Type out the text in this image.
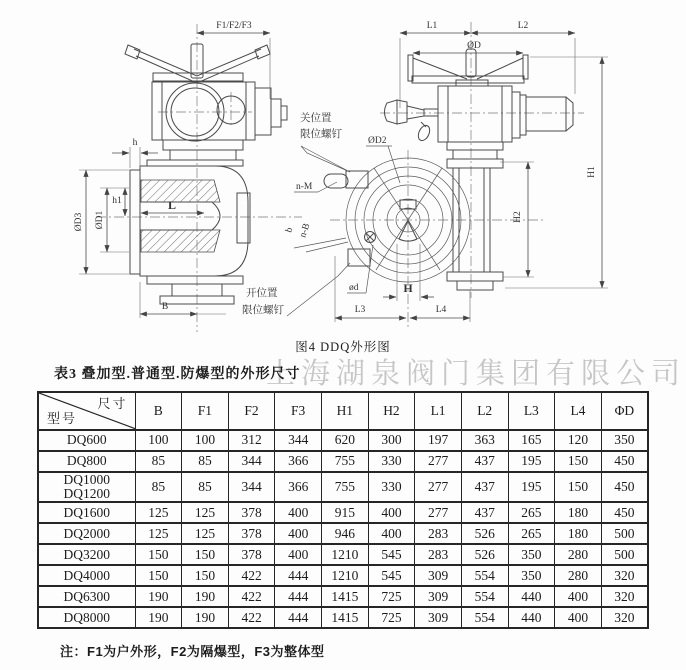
F1/F2/F3
h
ØD3 ØD1
h1	L
B
L1	L2
ØD
H2
H1
L3	L4
H
关位置
限位螺钉
ØD2
n-M
b n-B
ød
开位置
限位螺钉
图4 DDQ外形图
上海湖泉阀门集团有限公司
表3 叠加型.普通型.防爆型的外形尺寸
尺寸
型号	B	F1	F2	F3	H1	H2	L1	L2	L3	L4	ΦD

DQ600	100	100	312	344	620	300	197	363	165	120	350

DQ800	85	85	344	366	755	330	277	437	195	150	450

DQ1000
DQ1200	85	85	344	366	755	330	277	437	195	150	450

DQ1600	125	125	378	400	915	400	277	437	265	180	450

DQ2000	125	125	378	400	946	400	283	526	265	180	500

DQ3200	150	150	378	400	1210	545	283	526	350	280	500

DQ4000	150	150	422	444	1210	545	309	554	350	280	320

DQ6300	190	190	422	444	1415	725	309	554	440	400	320

DQ8000	190	190	422	444	1415	725	309	554	440	400	320
注：F1为户外形，F2为隔爆型，F3为整体型
